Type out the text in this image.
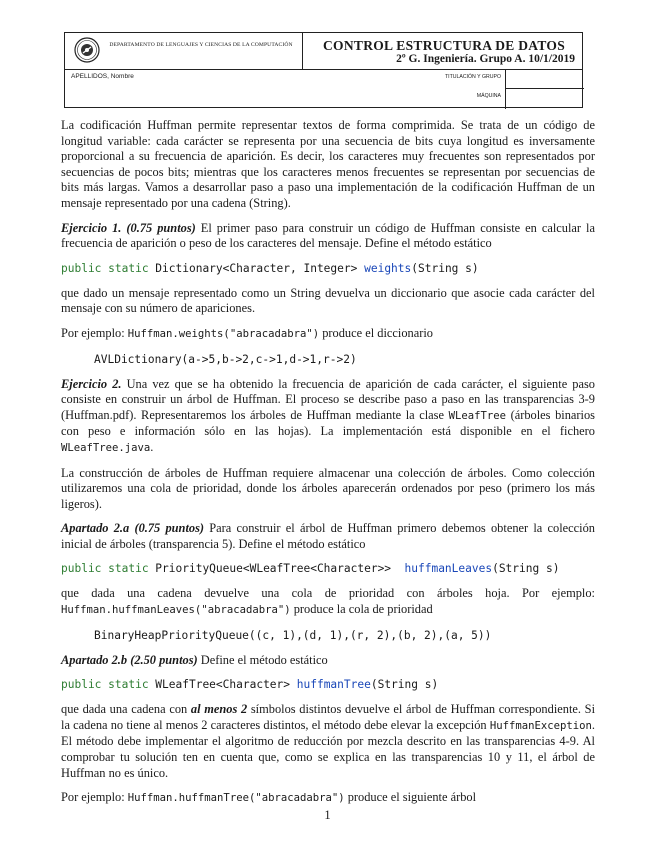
DEPARTAMENTO DE LENGUAJES Y CIENCIAS DE LA COMPUTACIÓN	CONTROL ESTRUCTURA DE DATOS
2º G. Ingeniería. Grupo A. 10/1/2019
APELLIDOS, Nombre	TITULACIÓN Y GRUPO
MÁQUINA

La codificación Huffman permite representar textos de forma comprimida. Se trata de un código de longitud variable: cada carácter se representa por una secuencia de bits cuya longitud es inversamente proporcional a su frecuencia de aparición. Es decir, los caracteres muy frecuentes son representados por secuencias de pocos bits; mientras que los caracteres menos frecuentes se representan por secuencias de bits más largas. Vamos a desarrollar paso a paso una implementación de la codificación Huffman de un mensaje representado por una cadena (String).

Ejercicio 1. (0.75 puntos) El primer paso para construir un código de Huffman consiste en calcular la frecuencia de aparición o peso de los caracteres del mensaje. Define el método estático

public static Dictionary<Character, Integer> weights(String s)

que dado un mensaje representado como un String devuelva un diccionario que asocie cada carácter del mensaje con su número de apariciones.

Por ejemplo: Huffman.weights("abracadabra") produce el diccionario

AVLDictionary(a->5,b->2,c->1,d->1,r->2)

Ejercicio 2. Una vez que se ha obtenido la frecuencia de aparición de cada carácter, el siguiente paso consiste en construir un árbol de Huffman. El proceso se describe paso a paso en las transparencias 3-9 (Huffman.pdf). Representaremos los árboles de Huffman mediante la clase WLeafTree (árboles binarios con peso e información sólo en las hojas). La implementación está disponible en el fichero WLeafTree.java.

La construcción de árboles de Huffman requiere almacenar una colección de árboles. Como colección utilizaremos una cola de prioridad, donde los árboles aparecerán ordenados por peso (primero los más ligeros).

Apartado 2.a (0.75 puntos) Para construir el árbol de Huffman primero debemos obtener la colección inicial de árboles (transparencia 5). Define el método estático

public static PriorityQueue<WLeafTree<Character>>  huffmanLeaves(String s)

que dada una cadena devuelve una cola de prioridad con árboles hoja. Por ejemplo: Huffman.huffmanLeaves("abracadabra") produce la cola de prioridad

BinaryHeapPriorityQueue((c, 1),(d, 1),(r, 2),(b, 2),(a, 5))

Apartado 2.b (2.50 puntos) Define el método estático

public static WLeafTree<Character> huffmanTree(String s)

que dada una cadena con al menos 2 símbolos distintos devuelve el árbol de Huffman correspondiente. Si la cadena no tiene al menos 2 caracteres distintos, el método debe elevar la excepción HuffmanException. El método debe implementar el algoritmo de reducción por mezcla descrito en las transparencias 4-9. Al comprobar tu solución ten en cuenta que, como se explica en las transparencias 10 y 11, el árbol de Huffman no es único.

Por ejemplo: Huffman.huffmanTree("abracadabra") produce el siguiente árbol

1
